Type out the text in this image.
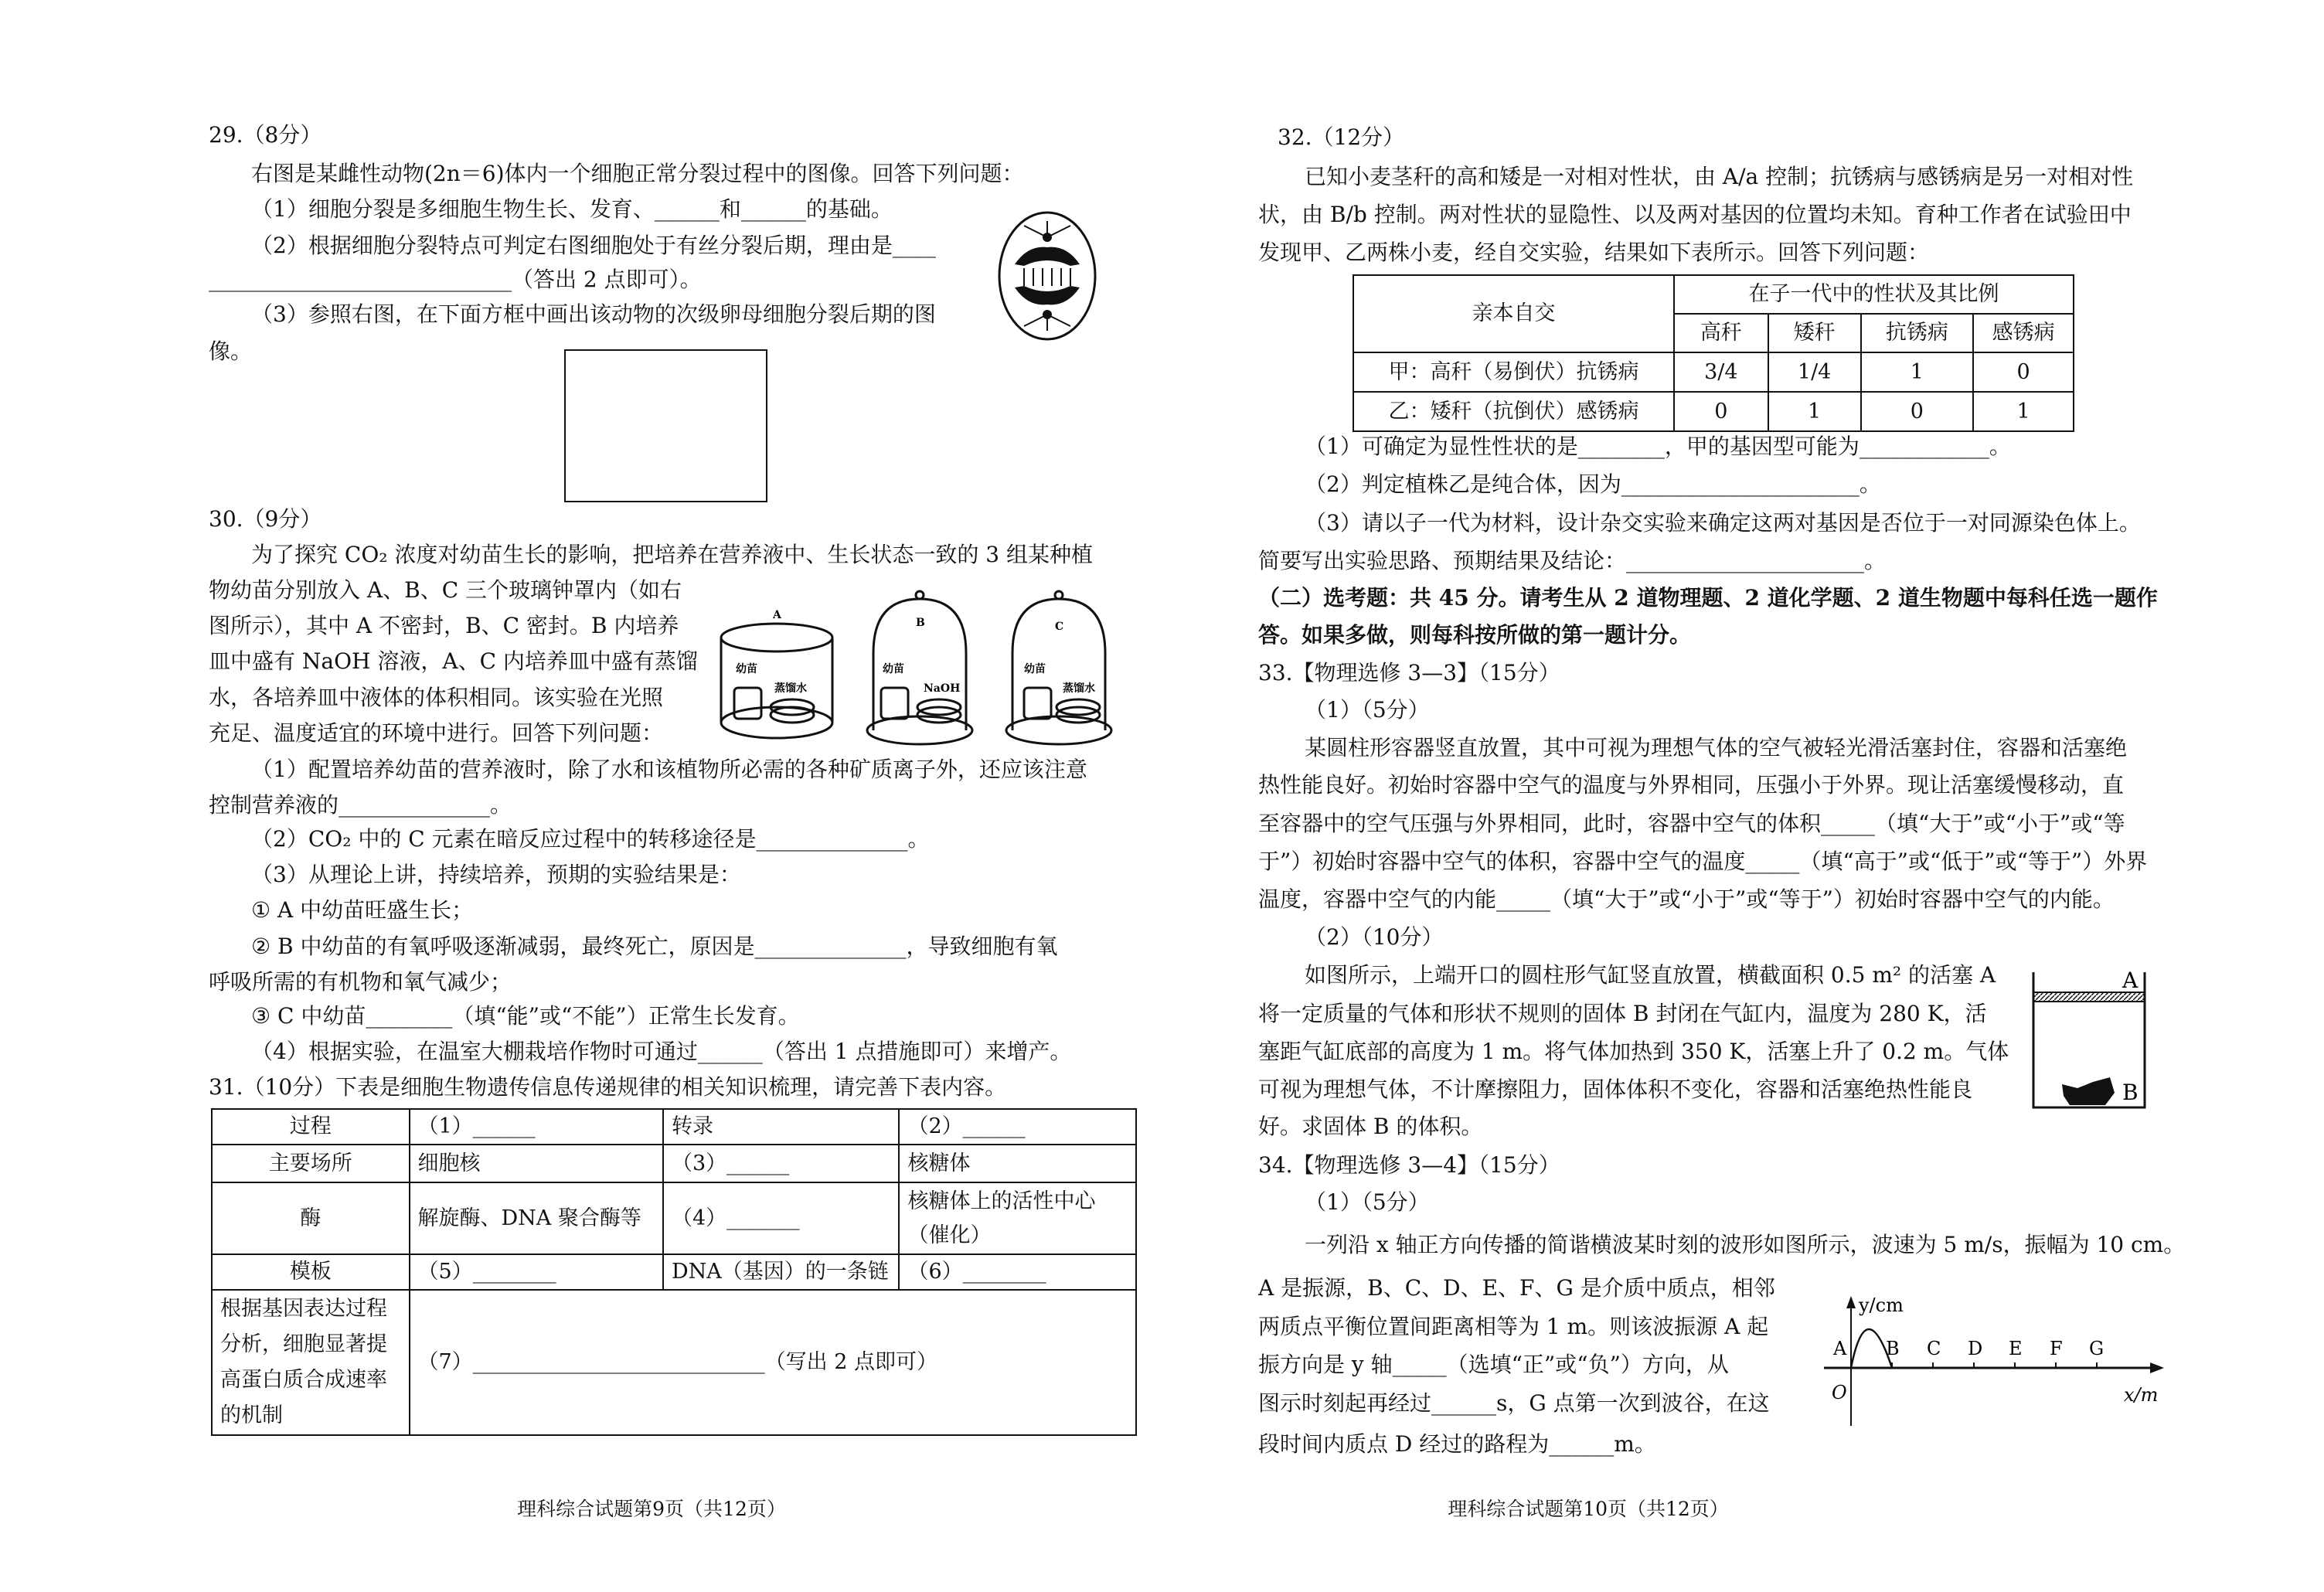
29.（8分）
右图是某雌性动物(2n＝6)体内一个细胞正常分裂过程中的图像。回答下列问题：
（1）细胞分裂是多细胞生物生长、发育、______和______的基础。
（2）根据细胞分裂特点可判定右图细胞处于有丝分裂后期，理由是____
____________________________（答出 2 点即可）。
（3）参照右图，在下面方框中画出该动物的次级卵母细胞分裂后期的图
像。
30.（9分）
为了探究 CO₂ 浓度对幼苗生长的影响，把培养在营养液中、生长状态一致的 3 组某种植
物幼苗分别放入 A、B、C 三个玻璃钟罩内（如右
图所示），其中 A 不密封，B、C 密封。B 内培养
皿中盛有 NaOH 溶液，A、C 内培养皿中盛有蒸馏
水，各培养皿中液体的体积相同。该实验在光照
充足、温度适宜的环境中进行。回答下列问题：
（1）配置培养幼苗的营养液时，除了水和该植物所必需的各种矿质离子外，还应该注意
控制营养液的______________。
（2）CO₂ 中的 C 元素在暗反应过程中的转移途径是______________。
（3）从理论上讲，持续培养，预期的实验结果是：
① A 中幼苗旺盛生长；
② B 中幼苗的有氧呼吸逐渐减弱，最终死亡，原因是______________，导致细胞有氧
呼吸所需的有机物和氧气减少；
③ C 中幼苗________（填“能”或“不能”）正常生长发育。
（4）根据实验，在温室大棚栽培作物时可通过______（答出 1 点措施即可）来增产。
A
B	C
幼苗	幼苗	幼苗
蒸馏水	NaOH	蒸馏水
31.（10分）下表是细胞生物遗传信息传递规律的相关知识梳理，请完善下表内容。
过程	（1）______	转录	（2）______
主要场所	细胞核	（3）______	核糖体
酶	解旋酶、DNA 聚合酶等	（4）_______	核糖体上的活性中心（催化）
模板	（5）________	DNA（基因）的一条链	（6）________
根据基因表达过程分析，细胞显著提高蛋白质合成速率的机制	（7）____________________________（写出 2 点即可）		
理科综合试题第9页（共12页）
32.（12分）
已知小麦茎秆的高和矮是一对相对性状，由 A/a 控制；抗锈病与感锈病是另一对相对性
状，由 B/b 控制。两对性状的显隐性、以及两对基因的位置均未知。育种工作者在试验田中
发现甲、乙两株小麦，经自交实验，结果如下表所示。回答下列问题：
亲本自交	在子一代中的性状及其比例			
	高秆	矮秆	抗锈病	感锈病
甲：高秆（易倒伏）抗锈病	3/4	1/4	1	0
乙：矮秆（抗倒伏）感锈病	0	1	0	1
（1）可确定为显性性状的是________，甲的基因型可能为____________。
（2）判定植株乙是纯合体，因为______________________。
（3）请以子一代为材料，设计杂交实验来确定这两对基因是否位于一对同源染色体上。
简要写出实验思路、预期结果及结论：______________________。
（二）选考题：共 45 分。请考生从 2 道物理题、2 道化学题、2 道生物题中每科任选一题作
答。如果多做，则每科按所做的第一题计分。
33.【物理选修 3—3】（15分）
（1）（5分）
某圆柱形容器竖直放置，其中可视为理想气体的空气被轻光滑活塞封住，容器和活塞绝
热性能良好。初始时容器中空气的温度与外界相同，压强小于外界。现让活塞缓慢移动，直
至容器中的空气压强与外界相同，此时，容器中空气的体积_____（填“大于”或“小于”或“等
于”）初始时容器中空气的体积，容器中空气的温度_____（填“高于”或“低于”或“等于”）外界
温度，容器中空气的内能_____（填“大于”或“小于”或“等于”）初始时容器中空气的内能。
（2）（10分）
如图所示，上端开口的圆柱形气缸竖直放置，横截面积 0.5 m² 的活塞 A
将一定质量的气体和形状不规则的固体 B 封闭在气缸内，温度为 280 K，活
塞距气缸底部的高度为 1 m。将气体加热到 350 K，活塞上升了 0.2 m。气体
可视为理想气体，不计摩擦阻力，固体体积不变化，容器和活塞绝热性能良
好。求固体 B 的体积。
A
B
34.【物理选修 3—4】（15分）
（1）（5分）
一列沿 x 轴正方向传播的简谐横波某时刻的波形如图所示，波速为 5 m/s，振幅为 10 cm。
A 是振源，B、C、D、E、F、G 是介质中质点，相邻
两质点平衡位置间距离相等为 1 m。则该波振源 A 起
振方向是 y 轴_____（选填“正”或“负”）方向，从
图示时刻起再经过______s，G 点第一次到波谷，在这
段时间内质点 D 经过的路程为______m。
y/cm
x/m
O
A B C D E F G
理科综合试题第10页（共12页）
